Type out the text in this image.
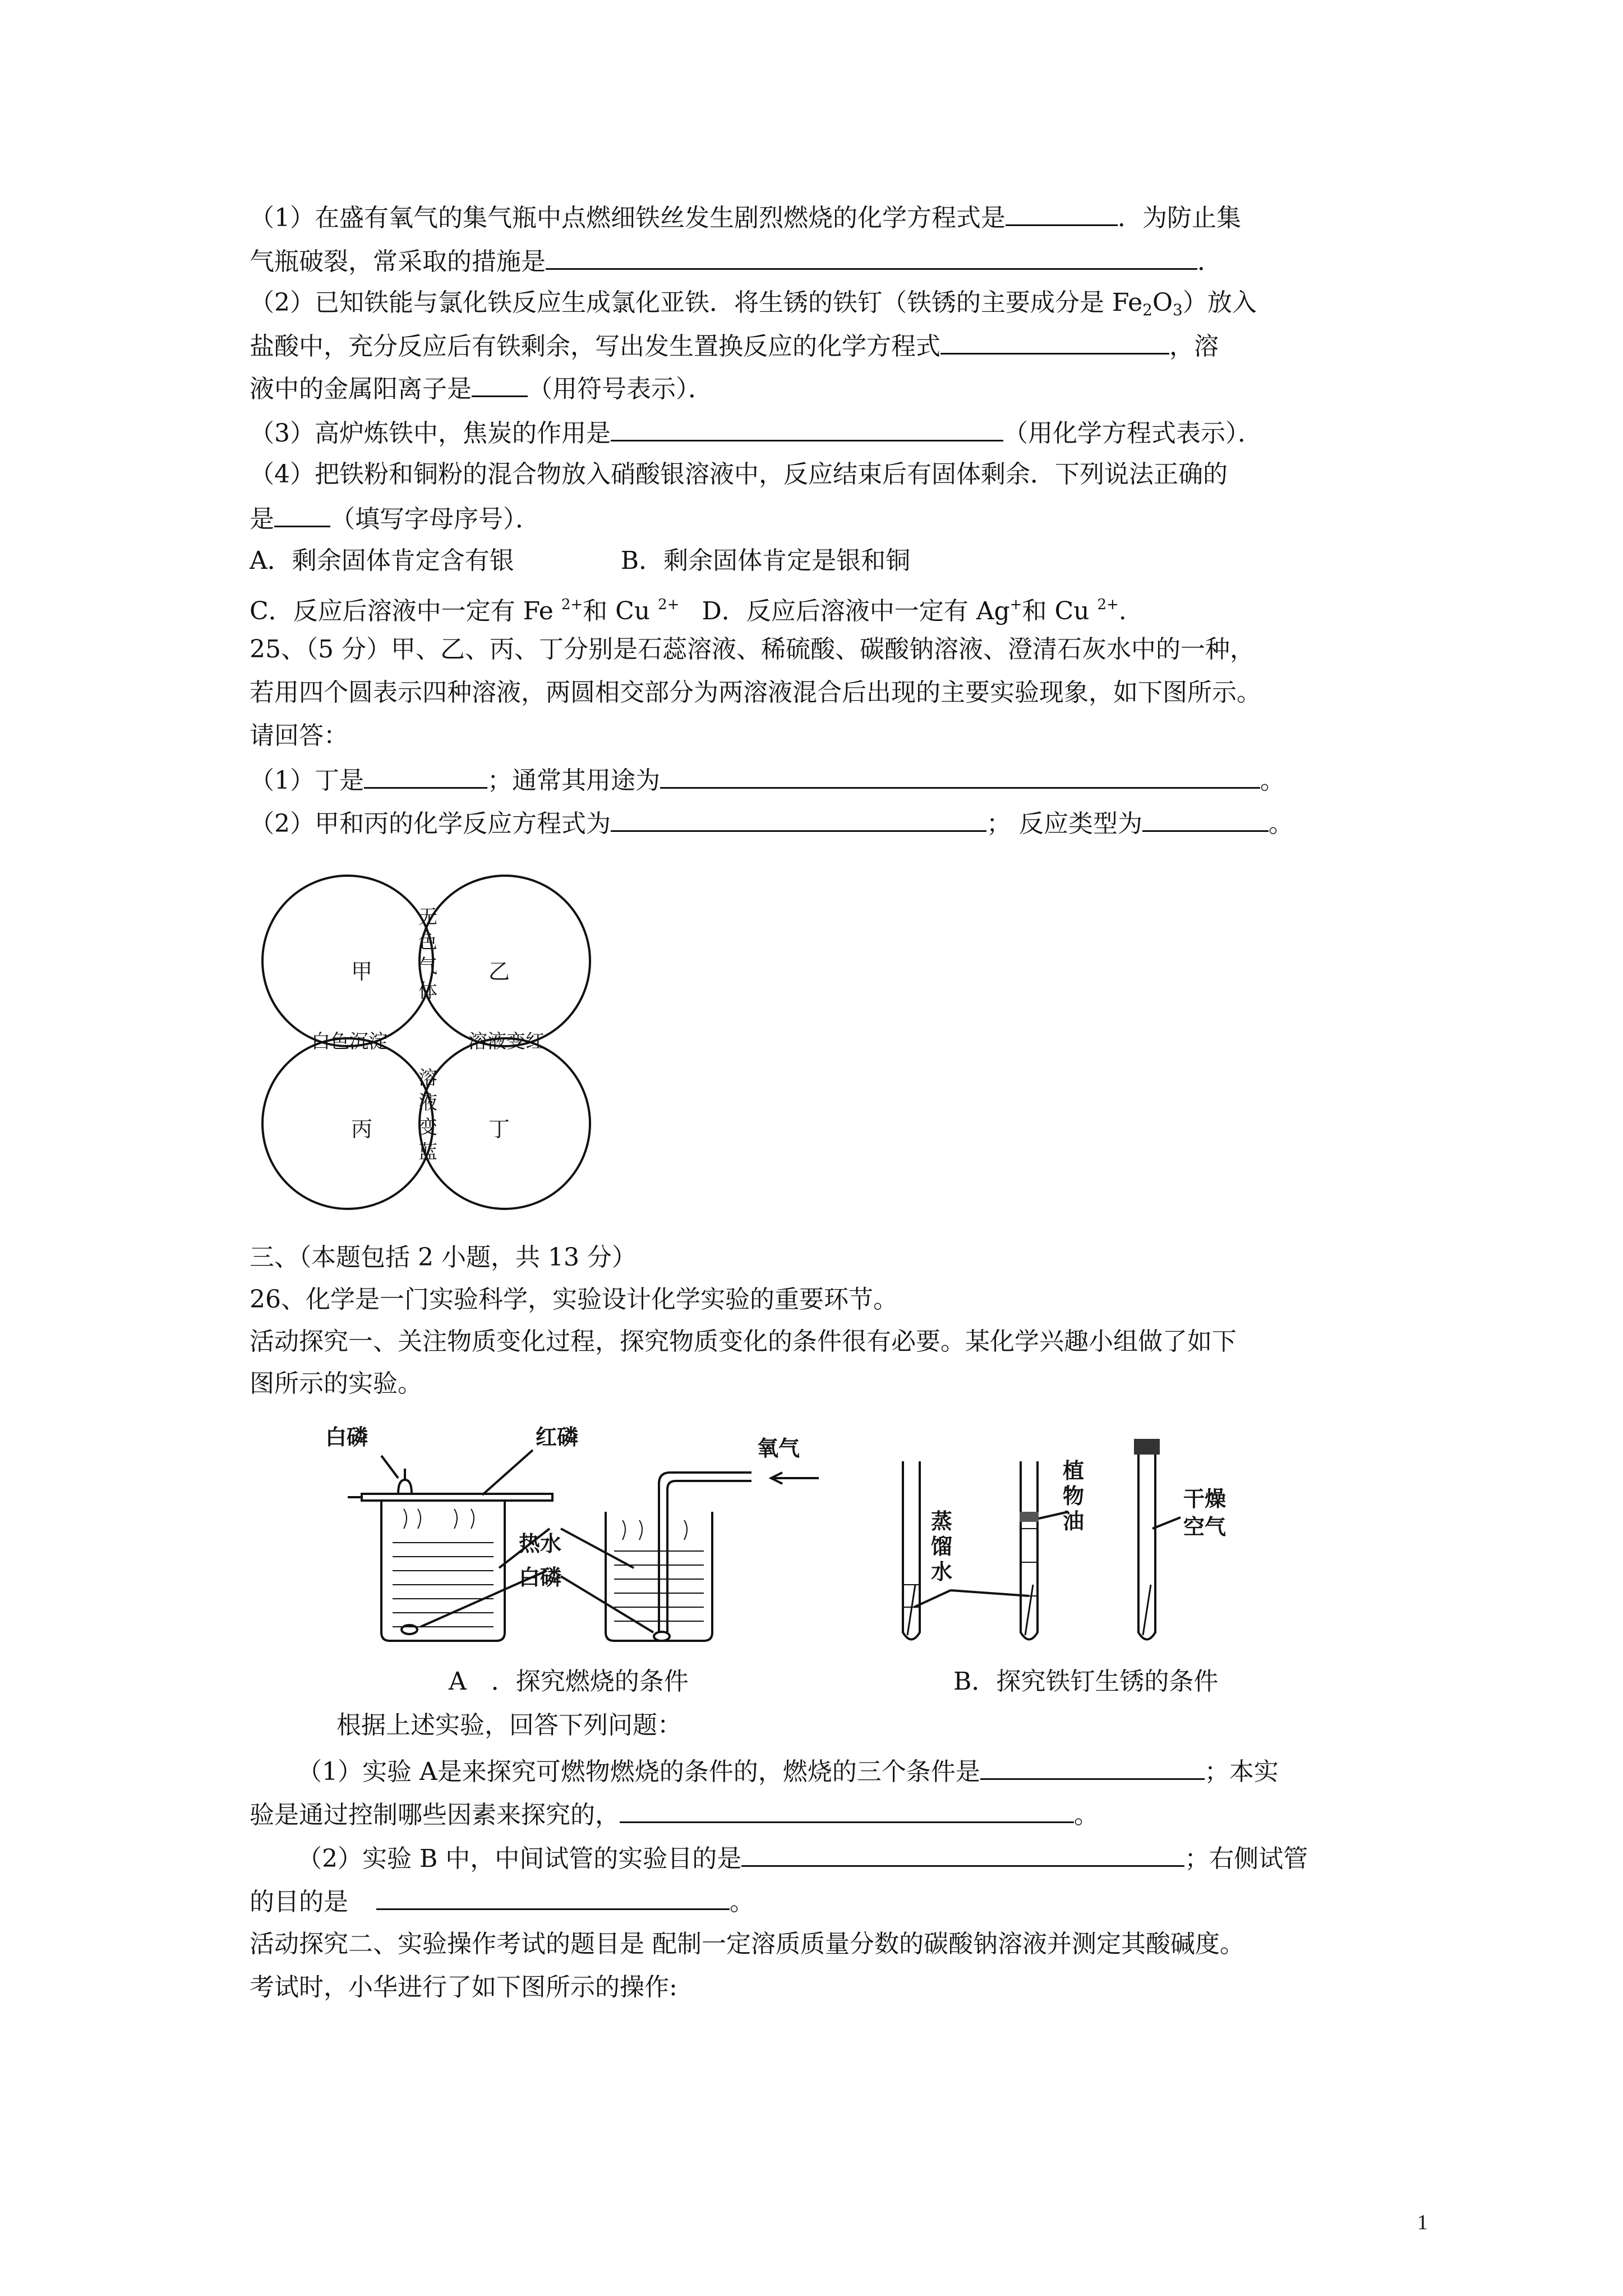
（1）在盛有氧气的集气瓶中点燃细铁丝发生剧烈燃烧的化学方程式是	．为防止集
气瓶破裂，常采取的措施是	．
（2）已知铁能与氯化铁反应生成氯化亚铁．将生锈的铁钉（铁锈的主要成分是 $Fe_2O_3$）放入
盐酸中，充分反应后有铁剩余，写出发生置换反应的化学方程式	，溶
液中的金属阳离子是 （用符号表示）．
（3）高炉炼铁中，焦炭的作用是	（用化学方程式表示）．
（4）把铁粉和铜粉的混合物放入硝酸银溶液中，反应结束后有固体剩余．下列说法正确的
是 （填写字母序号）．
A．剩余固体肯定含有银	B．剩余固体肯定是银和铜
C．反应后溶液中一定有 Fe $^{2+}$和 Cu $^{2+}$ D．反应后溶液中一定有 Ag+和 Cu $^{2+}$.
25、（5 分）甲、乙、丙、丁分别是石蕊溶液、稀硫酸、碳酸钠溶液、澄清石灰水中的一种，
若用四个圆表示四种溶液，两圆相交部分为两溶液混合后出现的主要实验现象，如下图所示。
请回答：
（1）丁是	；通常其用途为	。
（2）甲和丙的化学反应方程式为	； 反应类型为	。
甲	乙
丙	丁
无
色
气
体
白色沉淀	溶液变红
溶
液
变
蓝
三、（本题包括 2 小题，共 13 分）
26、化学是一门实验科学，实验设计化学实验的重要环节。
活动探究一、关注物质变化过程，探究物质变化的条件很有必要。某化学兴趣小组做了如下
图所示的实验。
白磷	红磷	氧气
热水
白磷
蒸
馏
水
植
物
油
干燥
空气
A　．探究燃烧的条件	B．探究铁钉生锈的条件
根据上述实验，回答下列问题：
（1）实验 A是来探究可燃物燃烧的条件的，燃烧的三个条件是	；本实
验是通过控制哪些因素来探究的，	。
（2）实验 B 中，中间试管的实验目的是	；右侧试管
的目的是	。
活动探究二、实验操作考试的题目是 配制一定溶质质量分数的碳酸钠溶液并测定其酸碱度。
考试时，小华进行了如下图所示的操作:
1
